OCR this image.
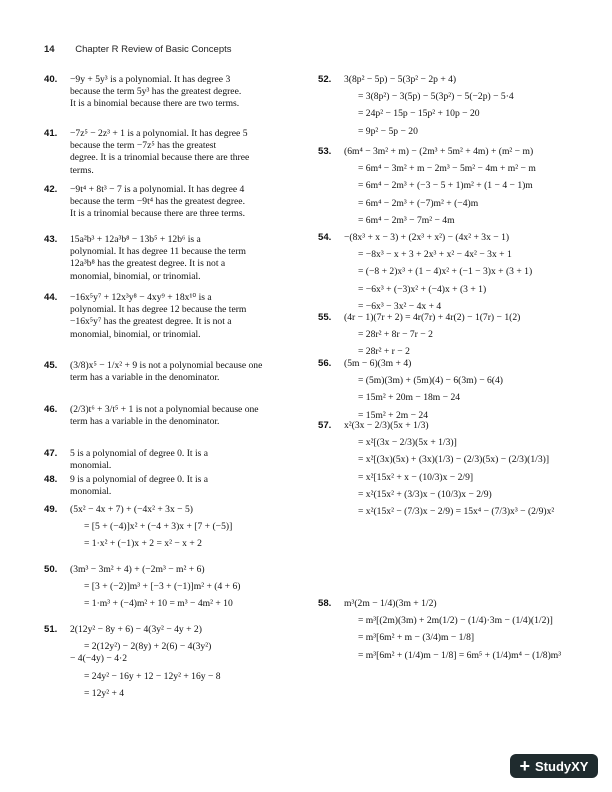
14 Chapter R Review of Basic Concepts
40. −9y + 5y³ is a polynomial. It has degree 3
because the term 5y³ has the greatest degree.
It is a binomial because there are two terms.
41. −7z⁵ − 2z³ + 1 is a polynomial. It has degree 5
because the term −7z⁵ has the greatest
degree. It is a trinomial because there are three
terms.
42. −9t⁴ + 8t³ − 7 is a polynomial. It has degree 4
because the term −9t⁴ has the greatest degree.
It is a trinomial because there are three terms.
43. 15a²b³ + 12a³b⁸ − 13b⁵ + 12b⁶ is a
polynomial. It has degree 11 because the term
12a³b⁸ has the greatest degree. It is not a
monomial, binomial, or trinomial.
44. −16x⁵y⁷ + 12x³y⁸ − 4xy⁹ + 18x¹⁰ is a
polynomial. It has degree 12 because the term
−16x⁵y⁷ has the greatest degree. It is not a
monomial, binomial, or trinomial.
45. (3/8)x⁵ − 1/x² + 9 is not a polynomial because one
term has a variable in the denominator.
46. (2/3)t⁶ + 3/t⁵ + 1 is not a polynomial because one
term has a variable in the denominator.
47. 5 is a polynomial of degree 0. It is a
monomial.
48. 9 is a polynomial of degree 0. It is a
monomial.
49. (5x² − 4x + 7) + (−4x² + 3x − 5)
= [5 + (−4)]x² + (−4 + 3)x + [7 + (−5)]
= 1·x² + (−1)x + 2 = x² − x + 2
50. (3m³ − 3m² + 4) + (−2m³ − m² + 6)
= [3 + (−2)]m³ + [−3 + (−1)]m² + (4 + 6)
= 1·m³ + (−4)m² + 10 = m³ − 4m² + 10
51. 2(12y² − 8y + 6) − 4(3y² − 4y + 2)
= 2(12y²) − 2(8y) + 2(6) − 4(3y²)
− 4(−4y) − 4·2
= 24y² − 16y + 12 − 12y² + 16y − 8
= 12y² + 4
52. 3(8p² − 5p) − 5(3p² − 2p + 4)
= 3(8p²) − 3(5p) − 5(3p²) − 5(−2p) − 5·4
= 24p² − 15p − 15p² + 10p − 20
= 9p² − 5p − 20
53. (6m⁴ − 3m² + m) − (2m³ + 5m² + 4m) + (m² − m)
= 6m⁴ − 3m² + m − 2m³ − 5m² − 4m + m² − m
= 6m⁴ − 2m³ + (−3 − 5 + 1)m² + (1 − 4 − 1)m
= 6m⁴ − 2m³ + (−7)m² + (−4)m
= 6m⁴ − 2m³ − 7m² − 4m
54. −(8x³ + x − 3) + (2x³ + x²) − (4x² + 3x − 1)
= −8x³ − x + 3 + 2x³ + x² − 4x² − 3x + 1
= (−8 + 2)x³ + (1 − 4)x² + (−1 − 3)x + (3 + 1)
= −6x³ + (−3)x² + (−4)x + (3 + 1)
= −6x³ − 3x² − 4x + 4
55. (4r − 1)(7r + 2) = 4r(7r) + 4r(2) − 1(7r) − 1(2)
= 28r² + 8r − 7r − 2
= 28r² + r − 2
56. (5m − 6)(3m + 4)
= (5m)(3m) + (5m)(4) − 6(3m) − 6(4)
= 15m² + 20m − 18m − 24
= 15m² + 2m − 24
57. x²(3x − 2/3)(5x + 1/3)
= x²[(3x − 2/3)(5x + 1/3)]
= x²[(3x)(5x) + (3x)(1/3) − (2/3)(5x) − (2/3)(1/3)]
= x²[15x² + x − (10/3)x − 2/9]
= x²(15x² + (3/3)x − (10/3)x − 2/9)
= x²(15x² − (7/3)x − 2/9) = 15x⁴ − (7/3)x³ − (2/9)x²
58. m³(2m − 1/4)(3m + 1/2)
= m³[(2m)(3m) + 2m(1/2) − (1/4)·3m − (1/4)(1/2)]
= m³[6m² + m − (3/4)m − 1/8]
= m³[6m² + (1/4)m − 1/8] = 6m⁵ + (1/4)m⁴ − (1/8)m³
+ StudyXY
